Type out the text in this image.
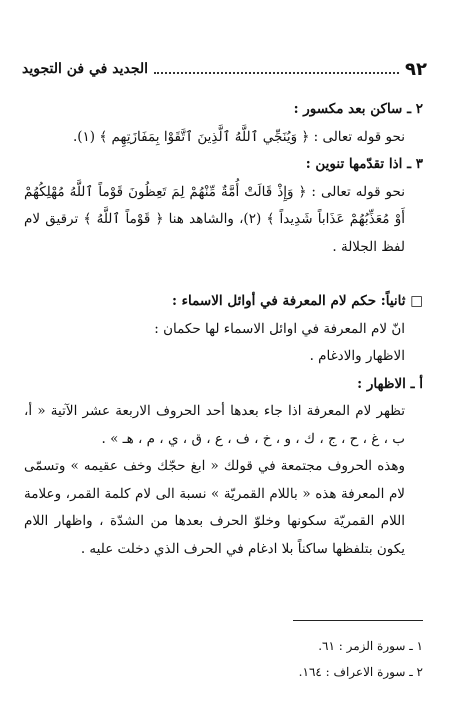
٩٢
الجديد في فن التجويد

٢ ـ ساكن بعد مكسور :

نحو قوله تعالى : ﴿ وَيُنَجِّي ٱللَّهُ ٱلَّذِينَ ٱتَّقَوْا بِمَفَازَتِهِم ﴾ (١).

٣ ـ اذا تقدّمها تنوين :

نحو قوله تعالى : ﴿ وَإِذْ قَالَتْ أُمَّةٌ مِّنْهُمْ لِمَ تَعِظُونَ قَوْماً ٱللَّهُ مُهْلِكُهُمْ أَوْ مُعَذِّبُهُمْ عَذَاباً شَدِيداً ﴾ (٢)، والشاهد هنا ﴿ قَوْماً ٱللَّهُ ﴾ ترقيق لام لفظ الجلالة .

□ ثانياً: حكم لام المعرفة في أوائل الاسماء :

انّ لام المعرفة في اوائل الاسماء لها حكمان :

الاظهار والادغام .

أ ـ الاظهار :

تظهر لام المعرفة اذا جاء بعدها أحد الحروف الاربعة عشر الآتية « أ، ب ، غ ، ح ، ج ، ك ، و ، خ ، ف ، ع ، ق ، ي ، م ، هـ » .

وهذه الحروف مجتمعة في قولك « ابغ حجّك وخف عقيمه » وتسمّى لام المعرفة هذه « باللام القمريّة » نسبة الى لام كلمة القمر، وعلامة اللام القمريّة سكونها وخلوّ الحرف بعدها من الشدّة ، واظهار اللام يكون بتلفظها ساكناً بلا ادغام في الحرف الذي دخلت عليه .

١ ـ سورة الزمر : ٦١.

٢ ـ سورة الاعراف : ١٦٤.
